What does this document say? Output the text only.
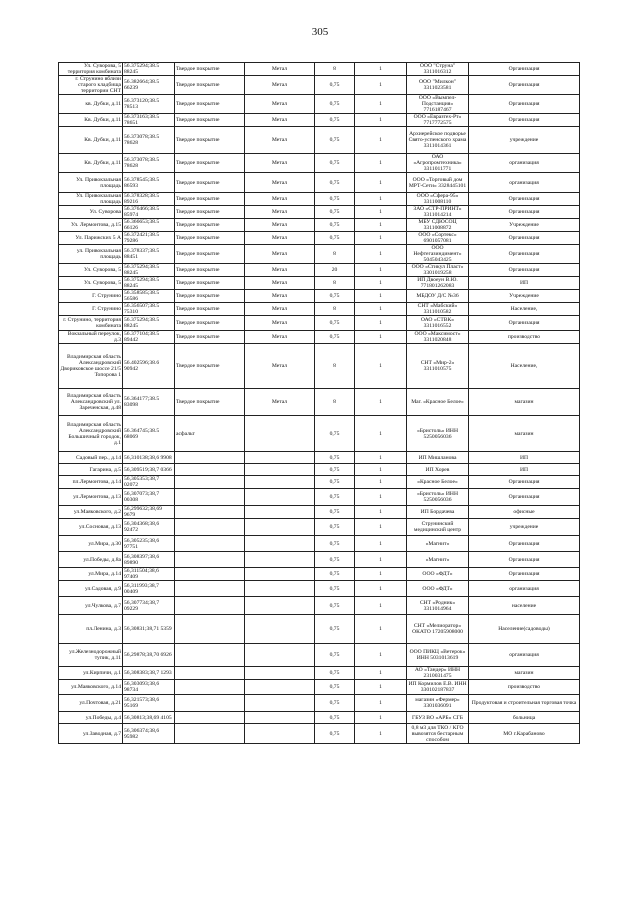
305
Ул. Суворова, 5 территория комбината	56.375294;38.5 88245	Твердое покрытие	Метал	8	1	ООО "Струна" 3311016312	Организация
г. Струнино вблизи старого кладбища территории СНТ	56.382664;38.5 66239	Твердое покрытие	Метал	0,75	1	ООО "Милкон" 3311023581	Организация
кв. Дубки, д.11	56.373120;38.5 78513	Твердое покрытие	Метал	0,75	1	ООО «Вымпел-Подстанция» 7716187467	Организация
Кв. Дубки, д.11	56.373163;38.5 78651	Твердое покрытие	Метал	0,75	1	ООО «Евразтех-Рт» 7717772575	Организация
Кв. Дубки, д.11	56.373078;38.5 78628	Твердое покрытие	Метал	0,75	1	Архиерейское подворье Свято-успенского храма 3311014361	учреждение
Кв. Дубки, д.11	56.373078;38.5 78628	Твердое покрытие	Метал	0,75	1	ОАО «Агропромтехника» 3311011771	организация
Ул. Привокзальная площадь	56.378545;38.5 86593	Твердое покрытие	Метал	0,75	1	ООО «Торговый дом МРТ-Сети» 3328445101	организация
Ул. Привокзальная площадь	56.378328;38.5 89216	Твердое покрытие	Метал	0,75	1	ООО «Сфера-95» 3311008110	Организация
Ул. Суворова	56.376466;38.5 85974	Твердое покрытие	Метал	0,75	1	ЗАО «СТР-ПРИНТ» 3311014214	Организация
Ул. Лермонтова, д.15	56.366653;38.5 66126	Твердое покрытие	Метал	0,75	1	МБУ СДЮСОЦ 3311008872	Учреждение
Ул. Парижских 5 А	56.372421;38.5 79286	Твердое покрытие	Метал	0,75	1	ООО «Сортекс» 6901057081	Организация
ул. Привокзальная площадь	56.378337;38.5 88451	Твердое покрытие	Метал	8	1	ООО Нефтегазиндимент» 5045043425	Организация
Ул. Суворова, 5	56.375294;38.5 88245	Твердое покрытие	Метал	20	1	ООО «Стикул Пласт» 3301019258	Организация
Ул. Суворова, 5	56.375294;38.5 88245	Твердое покрытие	Метал	8	1	ИП Двоеун В.Ю. 771801262083	ИП
Г. Струнино	56.358585;38.5 56586	Твердое покрытие	Метал	0,75	1	МБДОУ Д/С №36	Учреждение
Г. Струнино	56.356507;38.5 75310	Твердое покрытие	Метал	8	1	СНТ «Мабский» 3311010582	Население,
г. Струнино, территория комбината	56.375294;38.5 88245	Твердое покрытие	Метал	0,75	1	ОАО «СТВК» 3311016552	Организация
Вокзальный переулок, д.3	56.377104;38.5 89442	Твердое покрытие	Метал	0,75	1	ООО «Максимост» 3311020848	производство
Владимирская область Александровский Двориковское шоссе 21/5 Топорова 1	56.402596;38.6 90942	Твердое покрытие	Метал	8	1	СНТ «Мир-2» 3311010575	Население,
Владимирская область Александровский ул. Зареченская, д.48	56.364177;38.5 83098	Твердое покрытие	Метал	8	1	Маг. «Красное Белое»	магазин
Владимирская область Александровский Большичный городок, д.1	56.364745;38.5 68069	асфальт		0,75	1	«Бристоль» ИНН 5250056036	магазин
Садовый пер., д.14	56,310138;38,6 9908			0,75	1	ИП Мишланова	ИП
Гагарина, д.5	56,309519;38,7 0366			0,75	1	ИП Хорев	ИП
пл.Лермонтова, д.14	56,305353;38,7 02072			0,75	1	«Красное Белое»	Организация
ул.Лермонтова, д.13	56,307073;38,7 00308			0,75	1	«Бристоль» ИНН 5250056036	Организация
ул.Маяковского, д.2	56,299632;38,69 9679			0,75	1	ИП Бордачева	офисные
ул.Сосновая, д.13	56,304368;38,6 92472			0,75	1	Струнинский медицинский центр	учреждение
ул.Мира, д.30	56,305235;38,6 97751			0,75	1	«Магнит»	Организация
ул.Победы, д.8а	56,308397;38,6 89890			0,75	1	«Магнит»	Организация
ул.Мира, д.14	56,311504;38,6 97409			0,75	1	ООО «ФДТ»	Организация
ул.Садовая, д.9	56,311993;38,7 00409			0,75	1	ООО «ФДТ»	организация
ул.Чулкова, д.7	56,307734;38,7 09229			0,75	1	СНТ «Родник» 3311014964	население
пл.Ленина, д.3	56,30831;38,71 5359			0,75	1	СНТ «Мелиоратор» ОКАТО 17205908000	Население(садоводы)
ул.Железнодорожный тупик, д.11	56,29878;38,70 6926			0,75	1	ООО ПИКЦ «Ветерок» ИНН 5031013619	организация
ул.Кирпичн, д.1	56,308383;38,7 1293			0,75	1	АО «Тандер» ИНН 2310031475	магазин
ул.Маяковского, д.14	56,303093;38,6 98734			0,75	1	ИП Кормилов Е.В. ИНН 330102187837	производство
ул.Почтовая, д.21	56,321573;38,6 95169			0,75	1	магазин «Фермер» 3301036091	Продуктовая и строительная торговая точка
ул.Победы, д.4	56,30813;38,69 4105			0,75	1	ГБУЗ ВО «АРБ» СГБ	больница
ул.Заводная, д.7	56,306374;38,6 95982			0,75	1	0,8 м3 для ТКО / КГО вывозятся бестарным способом	МО г.Карабаново
